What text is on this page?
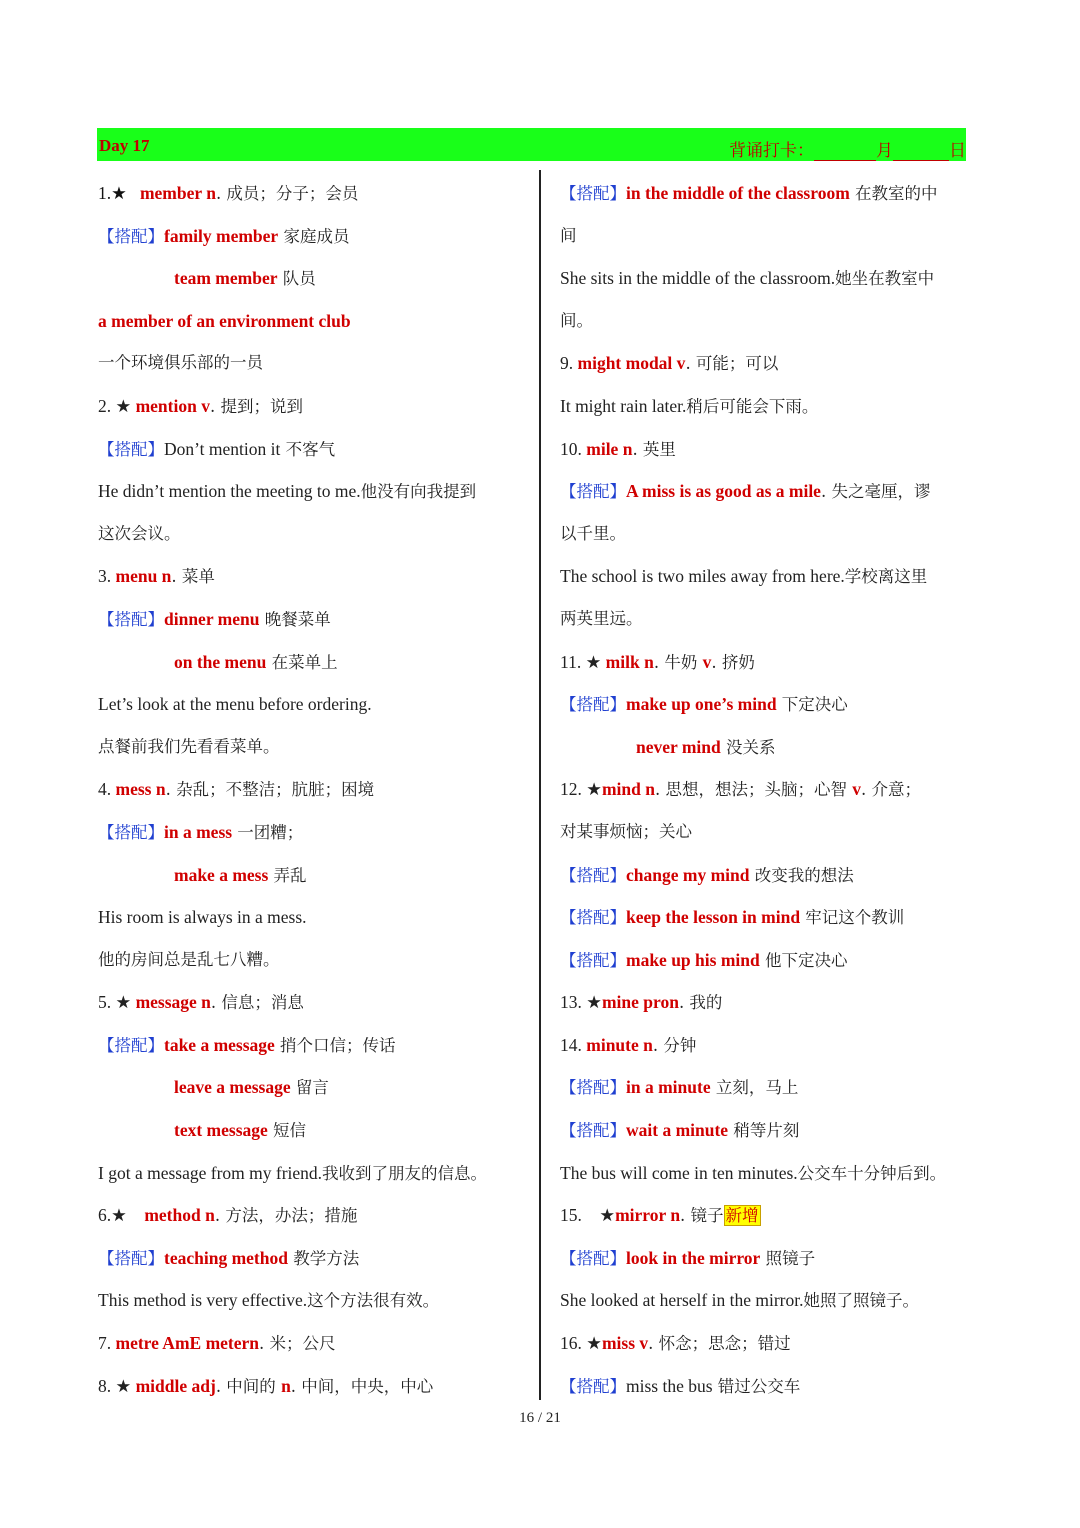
Day 17	背诵打卡：	月	日
1.★ member n. 成员；分子；会员
【搭配】family member 家庭成员
team member 队员
a member of an environment club
一个环境俱乐部的一员
2. ★ mention v. 提到；说到
【搭配】Don’t mention it 不客气
He didn’t mention the meeting to me.他没有向我提到
这次会议。
3. menu n. 菜单
【搭配】dinner menu 晚餐菜单
on the menu 在菜单上
Let’s look at the menu before ordering.
点餐前我们先看看菜单。
4. mess n. 杂乱；不整洁；肮脏；困境
【搭配】in a mess 一团糟；
make a mess 弄乱
His room is always in a mess.
他的房间总是乱七八糟。
5. ★ message n. 信息；消息
【搭配】take a message 捎个口信；传话
leave a message 留言
text message 短信
I got a message from my friend.我收到了朋友的信息。
6.★    method n. 方法，办法；措施
【搭配】teaching method 教学方法
This method is very effective.这个方法很有效。
7. metre AmE metern. 米；公尺
8. ★ middle adj. 中间的 n. 中间，中央，中心
【搭配】in the middle of the classroom 在教室的中
间
She sits in the middle of the classroom.她坐在教室中
间。
9. might modal v. 可能；可以
It might rain later.稍后可能会下雨。
10. mile n. 英里
【搭配】A miss is as good as a mile. 失之毫厘，谬
以千里。
The school is two miles away from here.学校离这里
两英里远。
11. ★ milk n. 牛奶 v. 挤奶
【搭配】make up one’s mind 下定决心
never mind 没关系
12. ★mind n. 思想，想法；头脑；心智 v. 介意；
对某事烦恼；关心
【搭配】change my mind 改变我的想法
【搭配】keep the lesson in mind 牢记这个教训
【搭配】make up his mind 他下定决心
13. ★mine pron. 我的
14. minute n. 分钟
【搭配】in a minute 立刻，马上
【搭配】wait a minute 稍等片刻
The bus will come in ten minutes.公交车十分钟后到。
15.    ★mirror n. 镜子 新增
【搭配】look in the mirror 照镜子
She looked at herself in the mirror.她照了照镜子。
16. ★miss v. 怀念；思念；错过
【搭配】miss the bus 错过公交车
16 / 21
